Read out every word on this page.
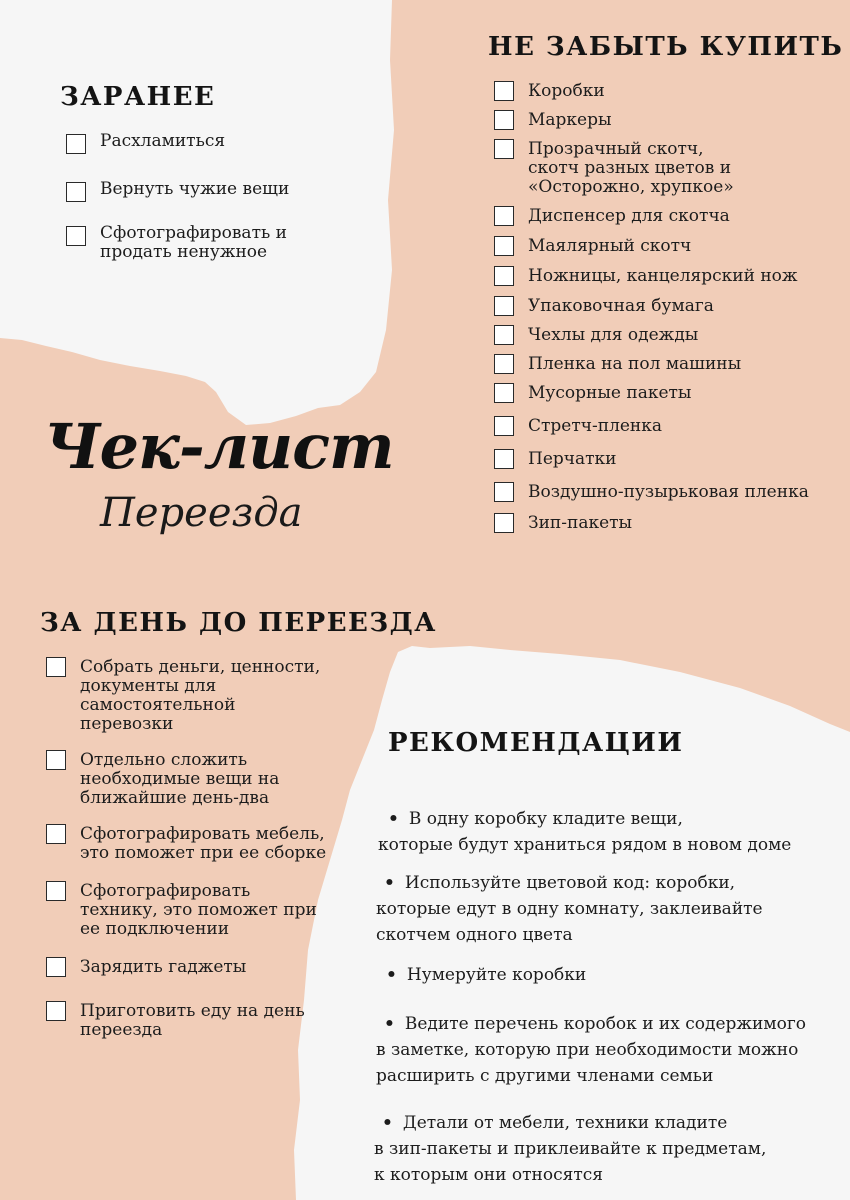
ЗАРАНЕЕ
Расхламиться
Вернуть чужие вещи
Сфотографировать и
продать ненужное
Чек-лист
Переезда
НЕ ЗАБЫТЬ КУПИТЬ
Коробки
Маркеры
Прозрачный скотч,
скотч разных цветов и
«Осторожно, хрупкое»
Диспенсер для скотча
Маялярный скотч
Ножницы, канцелярский нож
Упаковочная бумага
Чехлы для одежды
Пленка на пол машины
Мусорные пакеты
Стретч-пленка
Перчатки
Воздушно-пузырьковая пленка
Зип-пакеты
ЗА ДЕНЬ ДО ПЕРЕЕЗДА
Собрать деньги, ценности,
документы для
самостоятельной
перевозки
Отдельно сложить
необходимые вещи на
ближайшие день-два
Сфотографировать мебель,
это поможет при ее сборке
Сфотографировать
технику, это поможет при
ее подключении
Зарядить гаджеты
Приготовить еду на день
переезда
РЕКОМЕНДАЦИИ

• В одну коробку кладите вещи,
которые будут храниться рядом в новом доме

• Используйте цветовой код: коробки,
которые едут в одну комнату, заклеивайте
скотчем одного цвета

• Нумеруйте коробки

• Ведите перечень коробок и их содержимого
в заметке, которую при необходимости можно
расширить с другими членами семьи

• Детали от мебели, техники кладите
в зип-пакеты и приклеивайте к предметам,
к которым они относятся
